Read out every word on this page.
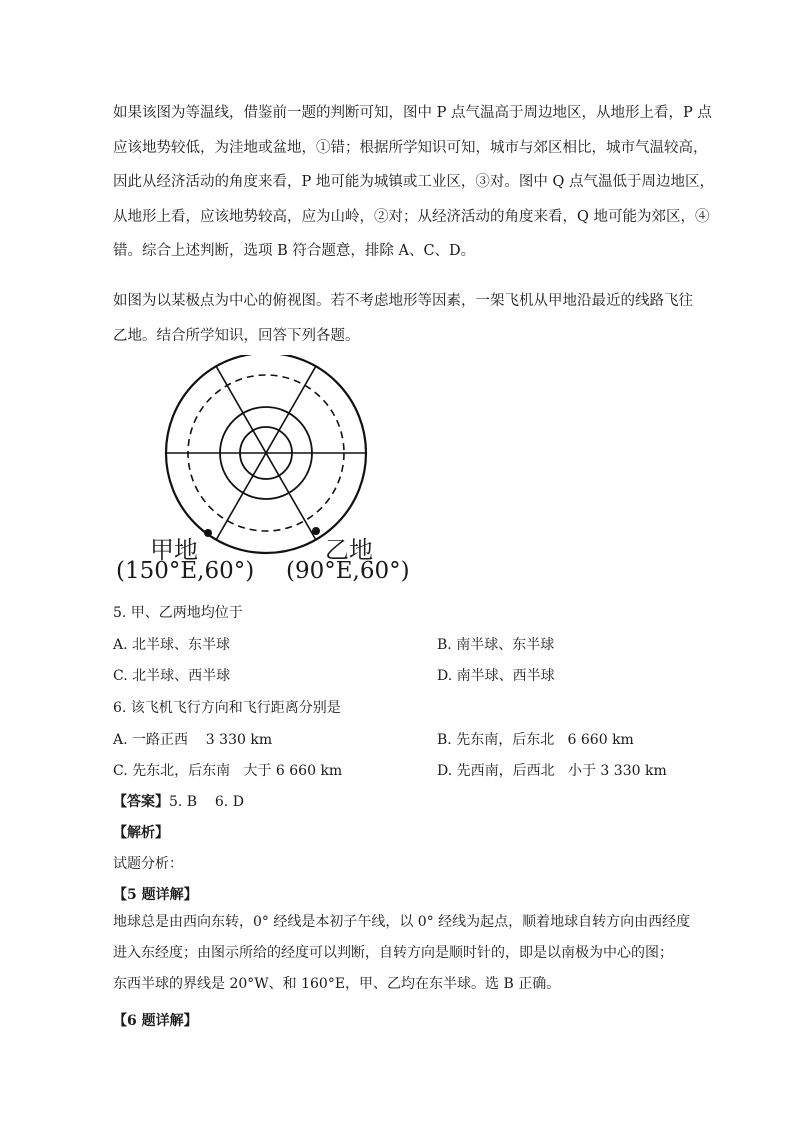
如果该图为等温线，借鉴前一题的判断可知，图中 P 点气温高于周边地区，从地形上看，P 点
应该地势较低，为洼地或盆地，①错；根据所学知识可知，城市与郊区相比，城市气温较高，
因此从经济活动的角度来看，P 地可能为城镇或工业区，③对。图中 Q 点气温低于周边地区，
从地形上看，应该地势较高，应为山岭，②对；从经济活动的角度来看，Q 地可能为郊区，④
错。综合上述判断，选项 B 符合题意，排除 A、C、D。
如图为以某极点为中心的俯视图。若不考虑地形等因素，一架飞机从甲地沿最近的线路飞往
乙地。结合所学知识，回答下列各题。
甲地	乙地
(150°E,60°) (90°E,60°)
5. 甲、乙两地均位于
A. 北半球、东半球	B. 南半球、东半球
C. 北半球、西半球	D. 南半球、西半球
6. 该飞机飞行方向和飞行距离分别是
A. 一路正西    3 330 km	B. 先东南，后东北   6 660 km
C. 先东北，后东南   大于 6 660 km	D. 先西南，后西北   小于 3 330 km
【答案】5. B    6. D
【解析】
试题分析：
【5 题详解】
地球总是由西向东转，0° 经线是本初子午线，以 0° 经线为起点，顺着地球自转方向由西经度
进入东经度；由图示所给的经度可以判断，自转方向是顺时针的，即是以南极为中心的图；
东西半球的界线是 20°W、和 160°E，甲、乙均在东半球。选 B 正确。
【6 题详解】
